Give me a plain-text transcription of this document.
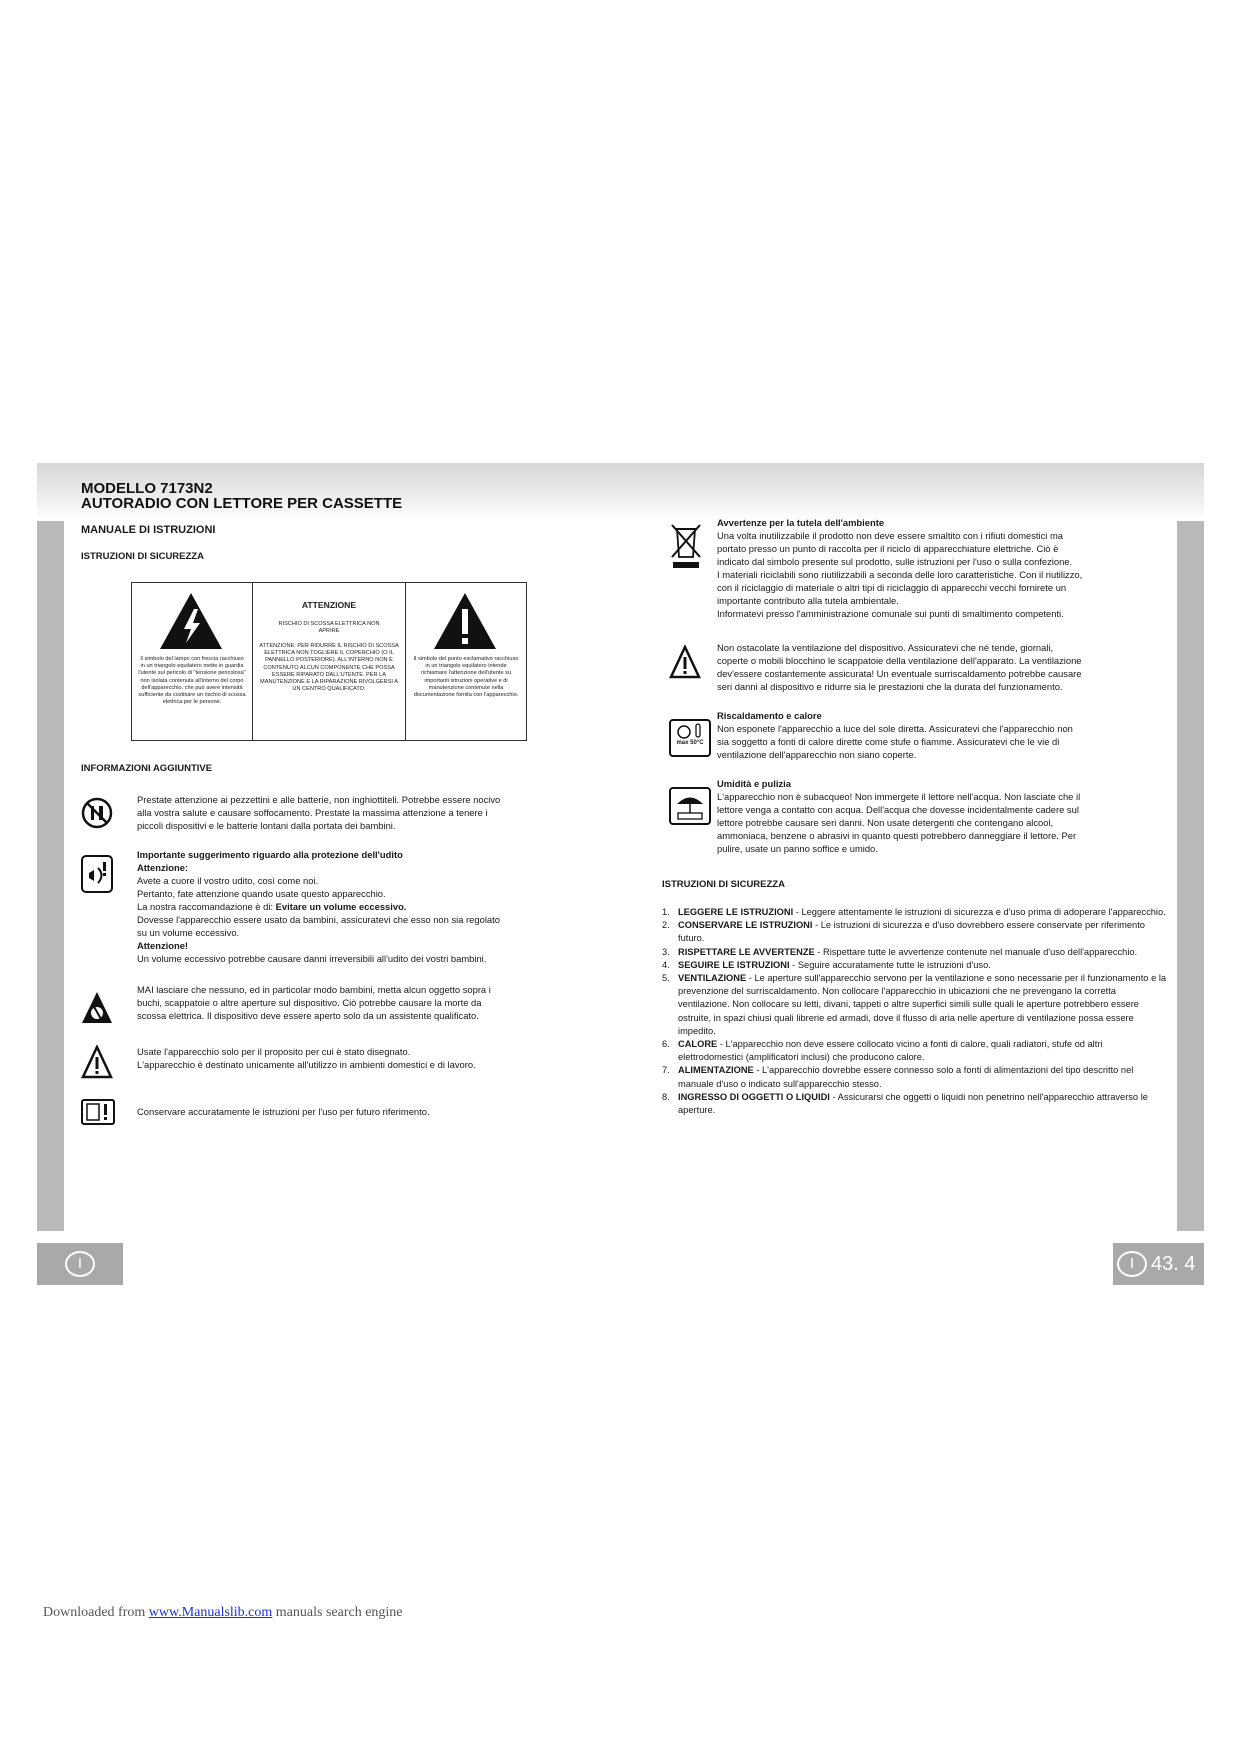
MODELLO 7173N2
AUTORADIO CON LETTORE PER CASSETTE
MANUALE DI ISTRUZIONI
ISTRUZIONI DI SICUREZZA
Il simbolo del lampo con freccia racchiuso in un triangolo equilatero mette in guardia l'utente sul pericolo di "tensione pericolosa" non isolata contenuta all'interno del corpo dell'apparecchio, che può avere intensità sufficiente da costituire un rischio di scossa elettrica per le persone.
ATTENZIONE
RISCHIO DI SCOSSA ELETTRICA NON APRIRE
ATTENZIONE: PER RIDURRE IL RISCHIO DI SCOSSA ELETTRICA NON TOGLIERE IL COPERCHIO (O IL PANNELLO POSTERIORE). ALL'INTERNO NON È CONTENUTO ALCUN COMPONENTE CHE POSSA ESSERE RIPARATO DALL'UTENTE. PER LA MANUTENZIONE E LA RIPARAZIONE RIVOLGERSI A UN CENTRO QUALIFICATO.
Il simbolo del punto esclamativo racchiuso in un triangolo equilatero intende richiamare l'attenzione dell'utente su importanti istruzioni operative e di manutenzione contenute nella documentazione fornita con l'apparecchio.
INFORMAZIONI AGGIUNTIVE
Prestate attenzione ai pezzettini e alle batterie, non inghiottiteli. Potrebbe essere nocivo
alla vostra salute e causare soffocamento. Prestate la massima attenzione a tenere i
piccoli dispositivi e le batterie lontani dalla portata dei bambini.
Importante suggerimento riguardo alla protezione dell'udito
Attenzione:
Avete a cuore il vostro udito, così come noi.
Pertanto, fate attenzione quando usate questo apparecchio.
La nostra raccomandazione è di: Evitare un volume eccessivo.
Dovesse l'apparecchio essere usato da bambini, assicuratevi che esso non sia regolato
su un volume eccessivo.
Attenzione!
Un volume eccessivo potrebbe causare danni irreversibili all'udito dei vostri bambini.
MAI lasciare che nessuno, ed in particolar modo bambini, metta alcun oggetto sopra i
buchi, scappatoie o altre aperture sul dispositivo. Ciò potrebbe causare la morte da
scossa elettrica. Il dispositivo deve essere aperto solo da un assistente qualificato.
Usate l'apparecchio solo per il proposito per cui è stato disegnato.
L'apparecchio è destinato unicamente all'utilizzo in ambienti domestici e di lavoro.
Conservare accuratamente le istruzioni per l'uso per futuro riferimento.
Avvertenze per la tutela dell'ambiente
Una volta inutilizzabile il prodotto non deve essere smaltito con i rifiuti domestici ma
portato presso un punto di raccolta per il riciclo di apparecchiature elettriche. Ciò è
indicato dal simbolo presente sul prodotto, sulle istruzioni per l'uso o sulla confezione.
I materiali riciclabili sono riutilizzabili a seconda delle loro caratteristiche. Con il riutilizzo,
con il riciclaggio di materiale o altri tipi di riciclaggio di apparecchi vecchi fornirete un
importante contributo alla tutela ambientale.
Informatevi presso l'amministrazione comunale sui punti di smaltimento competenti.
Non ostacolate la ventilazione del dispositivo. Assicuratevi che né tende, giornali,
coperte o mobili blocchino le scappatoie della ventilazione dell'apparato. La ventilazione
dev'essere costantemente assicurata! Un eventuale surriscaldamento potrebbe causare
seri danni al dispositivo e ridurre sia le prestazioni che la durata del funzionamento.
max 50°C
Riscaldamento e calore
Non esponete l'apparecchio a luce del sole diretta. Assicuratevi che l'apparecchio non
sia soggetto a fonti di calore dirette come stufe o fiamme. Assicuratevi che le vie di
ventilazione dell'apparecchio non siano coperte.
Umidità e pulizia
L'apparecchio non è subacqueo! Non immergete il lettore nell'acqua. Non lasciate che il
lettore venga a contatto con acqua. Dell'acqua che dovesse incidentalmente cadere sul
lettore potrebbe causare seri danni. Non usate detergenti che contengano alcool,
ammoniaca, benzene o abrasivi in quanto questi potrebbero danneggiare il lettore. Per
pulire, usate un panno soffice e umido.
ISTRUZIONI DI SICUREZZA
1. LEGGERE LE ISTRUZIONI - Leggere attentamente le istruzioni di sicurezza e d'uso prima di adoperare l'apparecchio.
2. CONSERVARE LE ISTRUZIONI - Le istruzioni di sicurezza e d'uso dovrebbero essere conservate per riferimento futuro.
3. RISPETTARE LE AVVERTENZE - Rispettare tutte le avvertenze contenute nel manuale d'uso dell'apparecchio.
4. SEGUIRE LE ISTRUZIONI - Seguire accuratamente tutte le istruzioni d'uso.
5. VENTILAZIONE - Le aperture sull'apparecchio servono per la ventilazione e sono necessarie per il funzionamento e la prevenzione del surriscaldamento. Non collocare l'apparecchio in ubicazioni che ne prevengano la corretta ventilazione. Non collocare su letti, divani, tappeti o altre superfici simili sulle quali le aperture potrebbero essere ostruite, in spazi chiusi quali librerie ed armadi, dove il flusso di aria nelle aperture di ventilazione possa essere impedito.
6. CALORE - L'apparecchio non deve essere collocato vicino a fonti di calore, quali radiatori, stufe od altri elettrodomestici (amplificatori inclusi) che producono calore.
7. ALIMENTAZIONE - L'apparecchio dovrebbe essere connesso solo a fonti di alimentazioni del tipo descritto nel manuale d'uso o indicato sull'apparecchio stesso.
8. INGRESSO DI OGGETTI O LIQUIDI - Assicurarsi che oggetti o liquidi non penetrino nell'apparecchio attraverso le aperture.
I	I 43. 4
Downloaded from www.Manualslib.com manuals search engine
